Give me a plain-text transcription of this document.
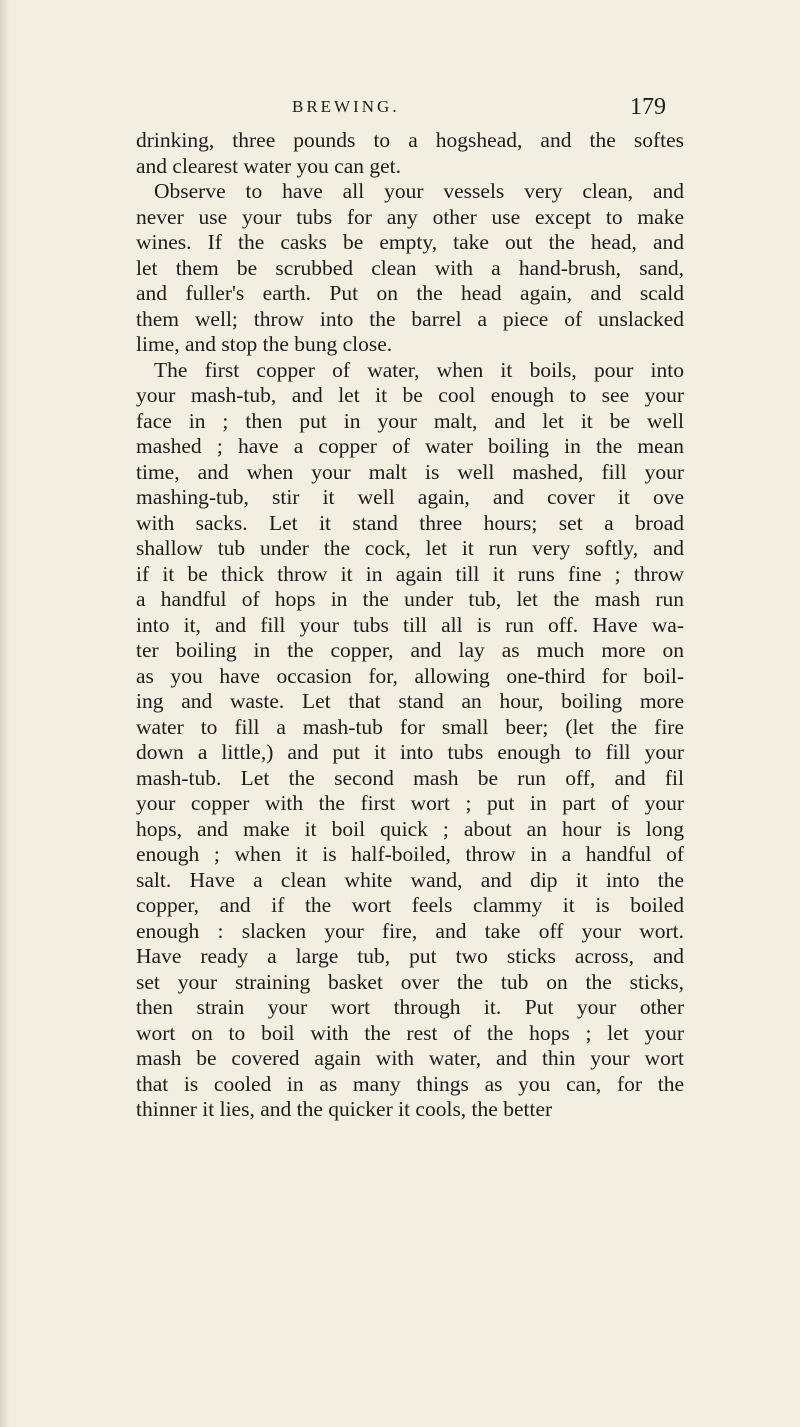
BREWING.	179
drinking, three pounds to a hogshead, and the softes
and clearest water you can get.
Observe to have all your vessels very clean, and
never use your tubs for any other use except to make
wines. If the casks be empty, take out the head, and
let them be scrubbed clean with a hand-brush, sand,
and fuller's earth. Put on the head again, and scald
them well; throw into the barrel a piece of unslacked
lime, and stop the bung close.
The first copper of water, when it boils, pour into
your mash-tub, and let it be cool enough to see your
face in ; then put in your malt, and let it be well
mashed ; have a copper of water boiling in the mean
time, and when your malt is well mashed, fill your
mashing-tub, stir it well again, and cover it ove
with sacks. Let it stand three hours; set a broad
shallow tub under the cock, let it run very softly, and
if it be thick throw it in again till it runs fine ; throw
a handful of hops in the under tub, let the mash run
into it, and fill your tubs till all is run off. Have wa-
ter boiling in the copper, and lay as much more on
as you have occasion for, allowing one-third for boil-
ing and waste. Let that stand an hour, boiling more
water to fill a mash-tub for small beer; (let the fire
down a little,) and put it into tubs enough to fill your
mash-tub. Let the second mash be run off, and fil
your copper with the first wort ; put in part of your
hops, and make it boil quick ; about an hour is long
enough ; when it is half-boiled, throw in a handful of
salt. Have a clean white wand, and dip it into the
copper, and if the wort feels clammy it is boiled
enough : slacken your fire, and take off your wort.
Have ready a large tub, put two sticks across, and
set your straining basket over the tub on the sticks,
then strain your wort through it. Put your other
wort on to boil with the rest of the hops ; let your
mash be covered again with water, and thin your wort
that is cooled in as many things as you can, for the
thinner it lies, and the quicker it cools, the better
